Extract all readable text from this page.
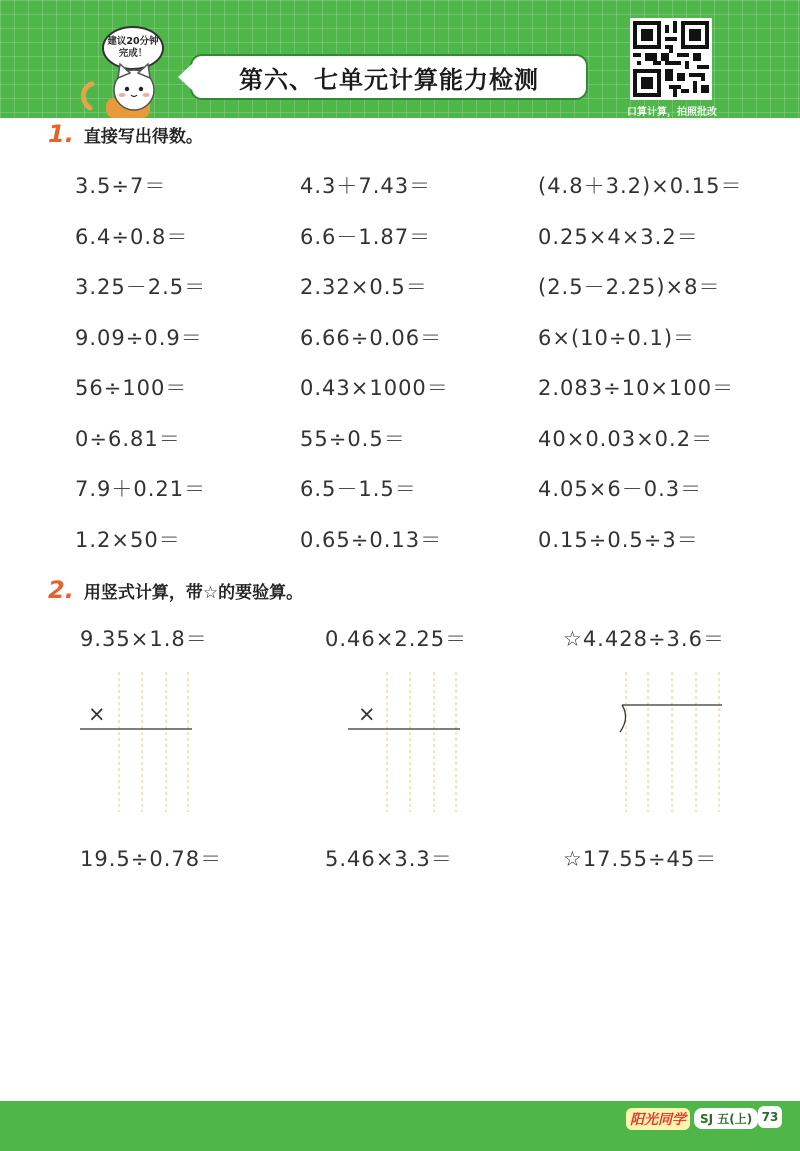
建议20分钟
完成！
第六、七单元计算能力检测
口算计算，拍照批改
1. 直接写出得数。
3.5÷7＝	4.3＋7.43＝	(4.8＋3.2)×0.15＝
6.4÷0.8＝	6.6－1.87＝	0.25×4×3.2＝
3.25－2.5＝	2.32×0.5＝	(2.5－2.25)×8＝
9.09÷0.9＝	6.66÷0.06＝	6×(10÷0.1)＝
56÷100＝	0.43×1000＝	2.083÷10×100＝
0÷6.81＝	55÷0.5＝	40×0.03×0.2＝
7.9＋0.21＝	6.5－1.5＝	4.05×6－0.3＝
1.2×50＝	0.65÷0.13＝	0.15÷0.5÷3＝
2. 用竖式计算，带☆的要验算。
9.35×1.8＝	0.46×2.25＝	☆4.428÷3.6＝
×	×
19.5÷0.78＝	5.46×3.3＝	☆17.55÷45＝
阳光同学	SJ 五(上) 73
